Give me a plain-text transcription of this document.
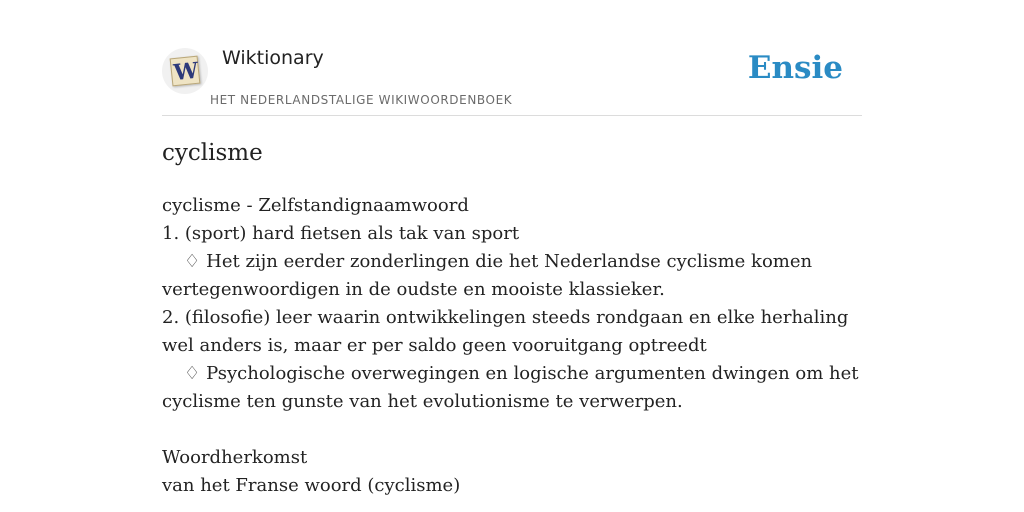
W Wiktionary
HET NEDERLANDSTALIGE WIKIWOORDENBOEK
Ensie
cyclisme

cyclisme - Zelfstandignaamwoord

1. (sport) hard fietsen als tak van sport

♢ Het zijn eerder zonderlingen die het Nederlandse cyclisme komen vertegenwoordigen in de oudste en mooiste klassieker.

2. (filosofie) leer waarin ontwikkelingen steeds rondgaan en elke herhaling wel anders is, maar er per saldo geen vooruitgang optreedt

♢ Psychologische overwegingen en logische argumenten dwingen om het cyclisme ten gunste van het evolutionisme te verwerpen.

Woordherkomst

van het Franse woord (cyclisme)
